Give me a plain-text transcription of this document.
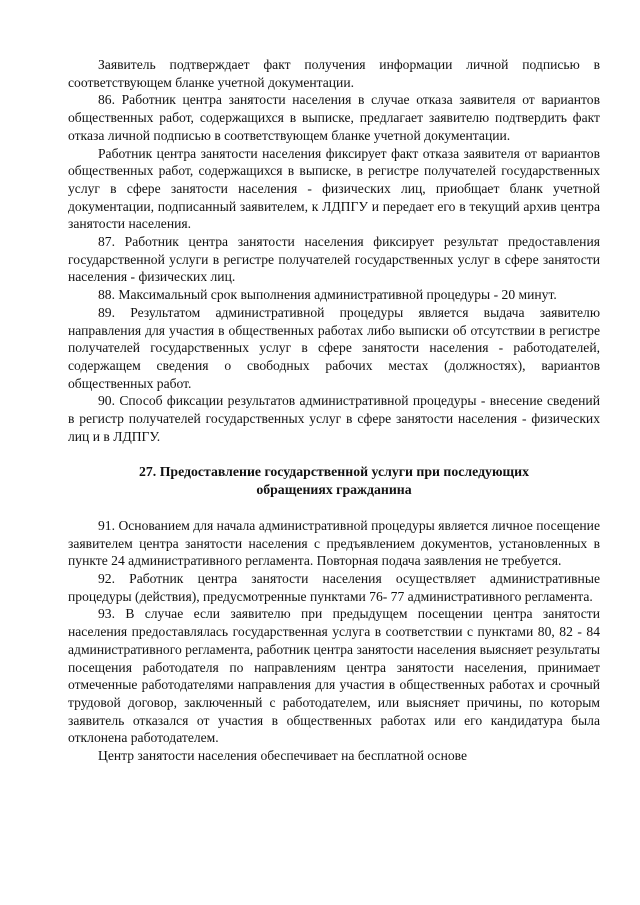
Заявитель подтверждает факт получения информации личной подписью в соответствующем бланке учетной документации.

86. Работник центра занятости населения в случае отказа заявителя от вариантов общественных работ, содержащихся в выписке, предлагает заявителю подтвердить факт отказа личной подписью в соответствующем бланке учетной документации.

Работник центра занятости населения фиксирует факт отказа заявителя от вариантов общественных работ, содержащихся в выписке, в регистре получателей государственных услуг в сфере занятости населения - физических лиц, приобщает бланк учетной документации, подписанный заявителем, к ЛДПГУ и передает его в текущий архив центра занятости населения.

87. Работник центра занятости населения фиксирует результат предоставления государственной услуги в регистре получателей государственных услуг в сфере занятости населения - физических лиц.

88. Максимальный срок выполнения административной процедуры - 20 минут.

89. Результатом административной процедуры является выдача заявителю направления для участия в общественных работах либо выписки об отсутствии в регистре получателей государственных услуг в сфере занятости населения - работодателей, содержащем сведения о свободных рабочих местах (должностях), вариантов общественных работ.

90. Способ фиксации результатов административной процедуры - внесение сведений в регистр получателей государственных услуг в сфере занятости населения - физических лиц и в ЛДПГУ.

27. Предоставление государственной услуги при последующих обращениях гражданина

91. Основанием для начала административной процедуры является личное посещение заявителем центра занятости населения с предъявлением документов, установленных в пункте 24 административного регламента. Повторная подача заявления не требуется.

92. Работник центра занятости населения осуществляет административные процедуры (действия), предусмотренные пунктами 76- 77 административного регламента.

93. В случае если заявителю при предыдущем посещении центра занятости населения предоставлялась государственная услуга в соответствии с пунктами 80, 82 - 84 административного регламента, работник центра занятости населения выясняет результаты посещения работодателя по направлениям центра занятости населения, принимает отмеченные работодателями направления для участия в общественных работах и срочный трудовой договор, заключенный с работодателем, или выясняет причины, по которым заявитель отказался от участия в общественных работах или его кандидатура была отклонена работодателем.

Центр занятости населения обеспечивает на бесплатной основе
